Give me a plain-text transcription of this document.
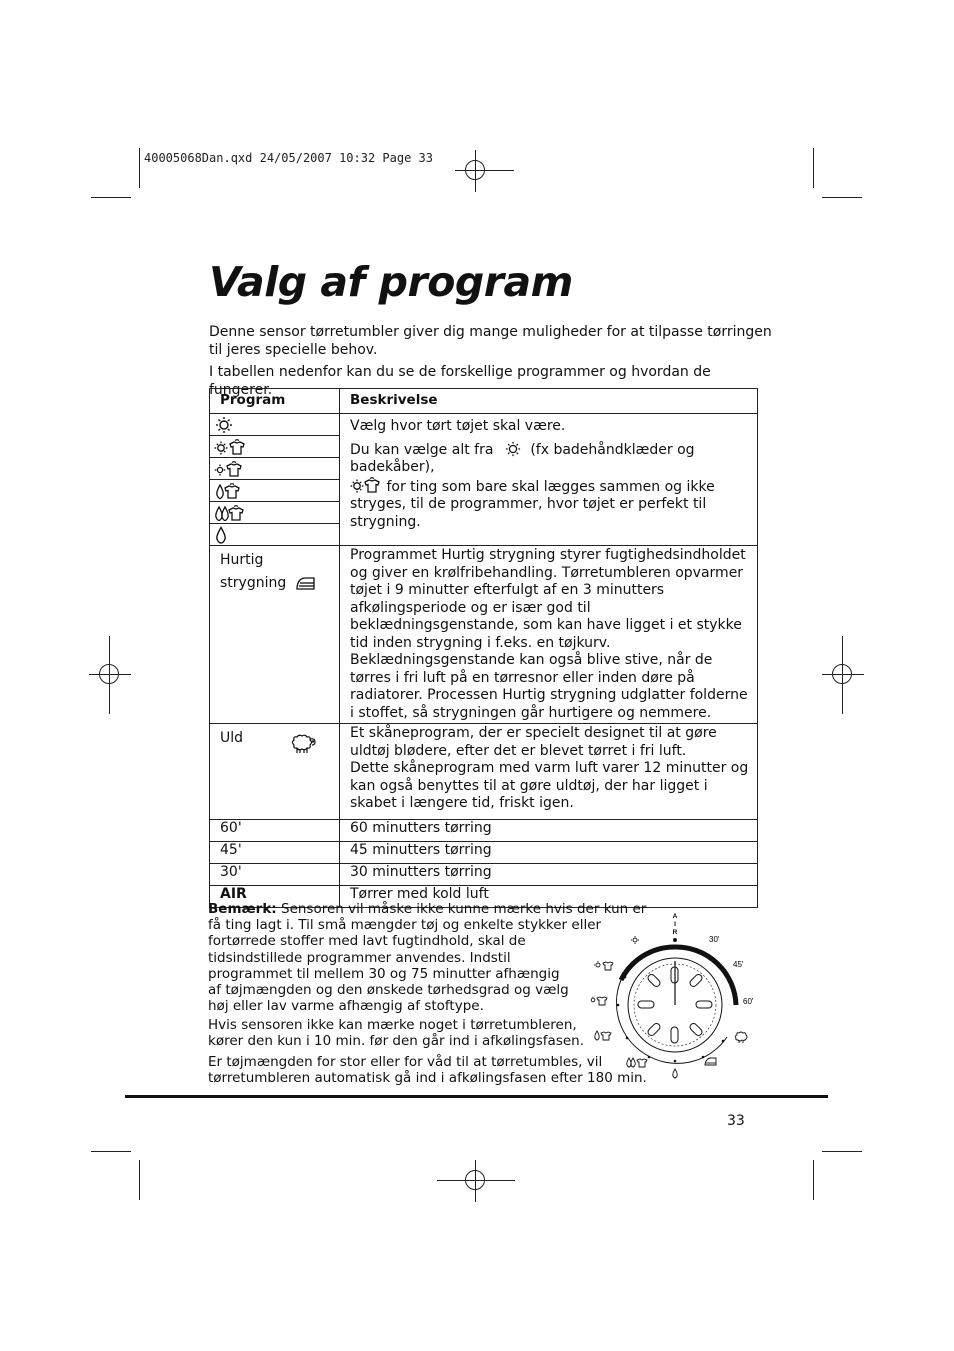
40005068Dan.qxd 24/05/2007 10:32 Page 33
Valg af program
Denne sensor tørretumbler giver dig mange muligheder for at tilpasse tørringen til jeres specielle behov.
I tabellen nedenfor kan du se de forskellige programmer og hvordan de fungerer.
Program	Beskrivelse

Vælg hvor tørt tøjet skal være.

Du kan vælge alt fra (fx badehåndklæder og badekåber),
for ting som bare skal lægges sammen og ikke stryges, til de programmer, hvor tøjet er perfekt til strygning.

Hurtig
strygning	Programmet Hurtig strygning styrer fugtighedsindholdet og giver en krølfribehandling. Tørretumbleren opvarmer tøjet i 9 minutter efterfulgt af en 3 minutters afkølingsperiode og er især god til beklædningsgenstande, som kan have ligget i et stykke tid inden strygning i f.eks. en tøjkurv. Beklædningsgenstande kan også blive stive, når de tørres i fri luft på en tørresnor eller inden døre på radiatorer. Processen Hurtig strygning udglatter folderne i stoffet, så strygningen går hurtigere og nemmere.

Uld	Et skåneprogram, der er specielt designet til at gøre uldtøj blødere, efter det er blevet tørret i fri luft.

Dette skåneprogram med varm luft varer 12 minutter og kan også benyttes til at gøre uldtøj, der har ligget i skabet i længere tid, friskt igen.

60'	60 minutters tørring
45'	45 minutters tørring
30'	30 minutters tørring
AIR	Tørrer med kold luft
Bemærk: Sensoren vil måske ikke kunne mærke hvis der kun er
få ting lagt i. Til små mængder tøj og enkelte stykker eller
fortørrede stoffer med lavt fugtindhold, skal de
tidsindstillede programmer anvendes. Indstil
programmet til mellem 30 og 75 minutter afhængig
af tøjmængden og den ønskede tørhedsgrad og vælg
høj eller lav varme afhængig af stoftype.
Hvis sensoren ikke kan mærke noget i tørretumbleren,
kører den kun i 10 min. før den går ind i afkølingsfasen.
Er tøjmængden for stor eller for våd til at tørretumbles, vil
tørretumbleren automatisk gå ind i afkølingsfasen efter 180 min.
A
I
R
30'
45'
60'
33
